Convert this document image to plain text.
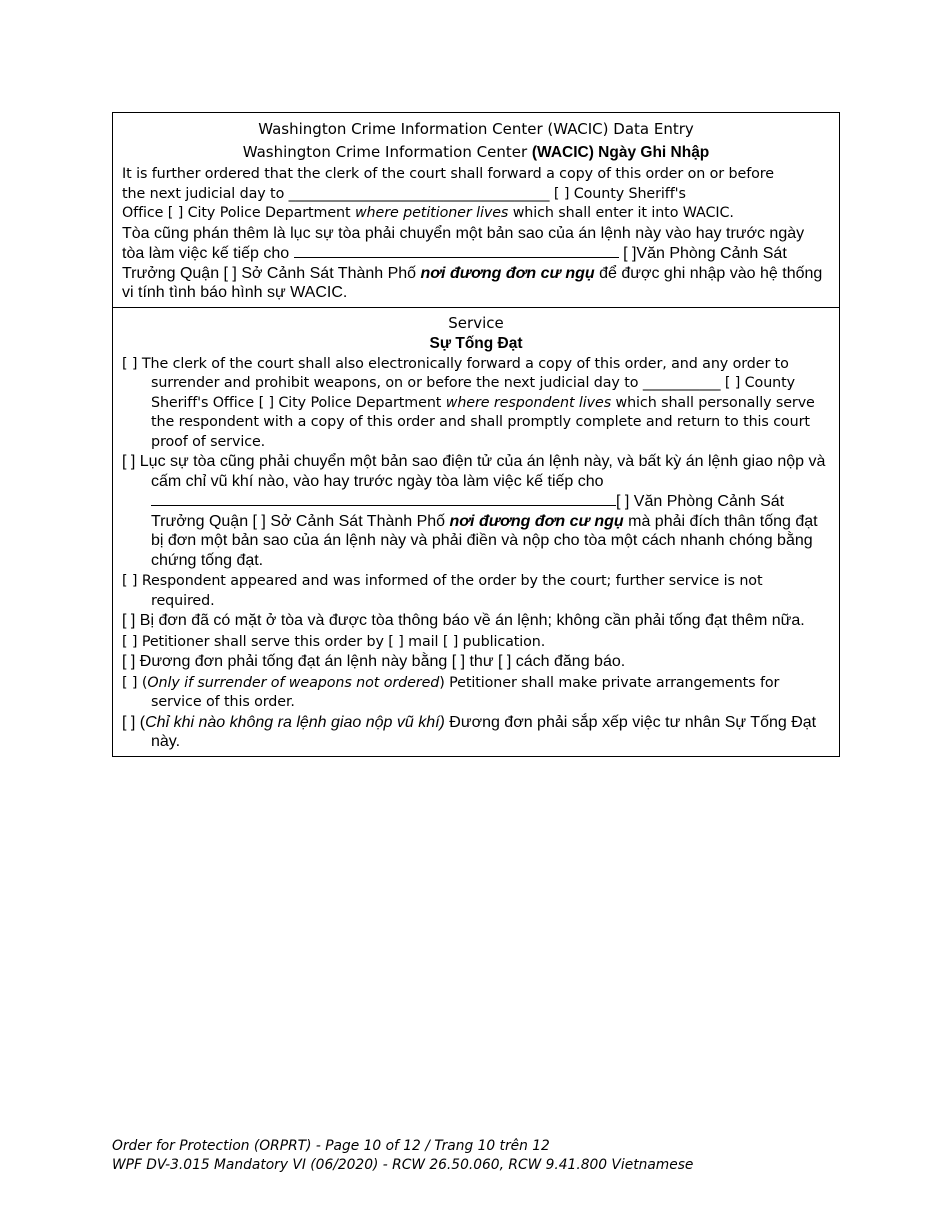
Washington Crime Information Center (WACIC) Data Entry
Washington Crime Information Center (WACIC) Ngày Ghi Nhập

It is further ordered that the clerk of the court shall forward a copy of this order on or before
the next judicial day to _____________________________________ [ ] County Sheriff's
Office [ ] City Police Department where petitioner lives which shall enter it into WACIC.

Tòa cũng phán thêm là lục sự tòa phải chuyển một bản sao của án lệnh này vào hay trước ngày tòa làm việc kế tiếp cho	[ ]Văn Phòng Cảnh Sát Trưởng Quận [ ] Sở Cảnh Sát Thành Phố nơi đương đơn cư ngụ để được ghi nhập vào hệ thống vi tính tình báo hình sự WACIC.

Service
Sự Tống Đạt

[ ] The clerk of the court shall also electronically forward a copy of this order, and any order to surrender and prohibit weapons, on or before the next judicial day to ___________ [ ] County Sheriff's Office [ ] City Police Department where respondent lives which shall personally serve the respondent with a copy of this order and shall promptly complete and return to this court proof of service.

[ ] Lục sự tòa cũng phải chuyển một bản sao điện tử của án lệnh này, và bất kỳ án lệnh giao nộp và cấm chỉ vũ khí nào, vào hay trước ngày tòa làm việc kế tiếp cho
[ ] Văn Phòng Cảnh Sát Trưởng Quận [ ] Sở Cảnh Sát Thành Phố nơi đương đơn cư ngụ mà phải đích thân tống đạt bị đơn một bản sao của án lệnh này và phải điền và nộp cho tòa một cách nhanh chóng bằng chứng tống đạt.

[ ] Respondent appeared and was informed of the order by the court; further service is not required.

[ ] Bị đơn đã có mặt ở tòa và được tòa thông báo về án lệnh; không cần phải tống đạt thêm nữa.

[ ] Petitioner shall serve this order by [ ] mail [ ] publication.

[ ] Đương đơn phải tống đạt án lệnh này bằng [ ] thư [ ] cách đăng báo.

[ ] (Only if surrender of weapons not ordered) Petitioner shall make private arrangements for service of this order.

[ ] (Chỉ khi nào không ra lệnh giao nộp vũ khí) Đương đơn phải sắp xếp việc tư nhân Sự Tống Đạt này.

Order for Protection (ORPRT) - Page 10 of 12 / Trang 10 trên 12
WPF DV-3.015 Mandatory VI (06/2020) - RCW 26.50.060, RCW 9.41.800 Vietnamese
